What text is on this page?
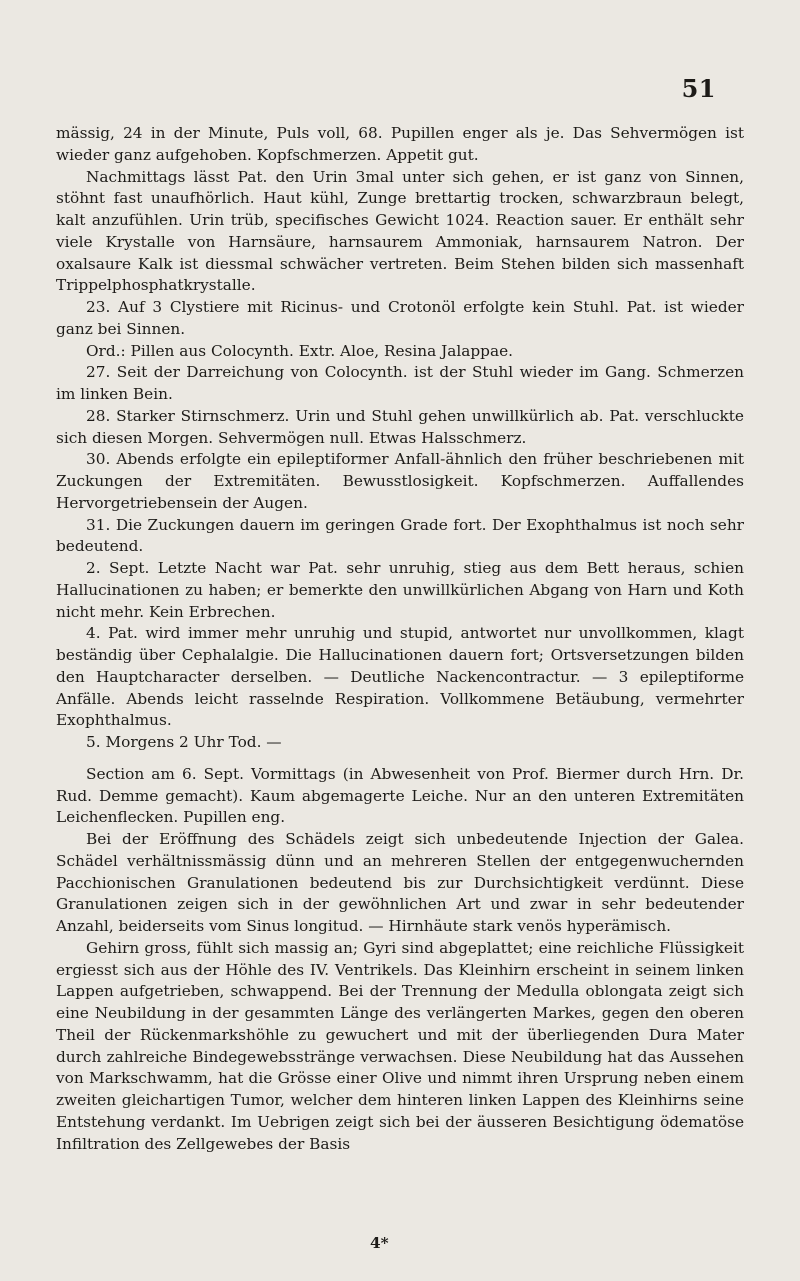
51

mässig, 24 in der Minute, Puls voll, 68. Pupillen enger als je. Das Sehvermögen ist wieder ganz aufgehoben. Kopfschmerzen. Appetit gut.

Nachmittags lässt Pat. den Urin 3mal unter sich gehen, er ist ganz von Sinnen, stöhnt fast unaufhörlich. Haut kühl, Zunge brettartig trocken, schwarzbraun belegt, kalt anzufühlen. Urin trüb, specifisches Gewicht 1024. Reaction sauer. Er enthält sehr viele Krystalle von Harnsäure, harnsaurem Ammoniak, harnsaurem Natron. Der oxalsaure Kalk ist diessmal schwächer vertreten. Beim Stehen bilden sich massenhaft Trippelphosphatkrystalle.

23. Auf 3 Clystiere mit Ricinus- und Crotonöl erfolgte kein Stuhl. Pat. ist wieder ganz bei Sinnen.

Ord.: Pillen aus Colocynth. Extr. Aloe, Resina Jalappae.

27. Seit der Darreichung von Colocynth. ist der Stuhl wieder im Gang. Schmerzen im linken Bein.

28. Starker Stirnschmerz. Urin und Stuhl gehen unwillkürlich ab. Pat. verschluckte sich diesen Morgen. Sehvermögen null. Etwas Halsschmerz.

30. Abends erfolgte ein epileptiformer Anfall-ähnlich den früher beschriebenen mit Zuckungen der Extremitäten. Bewusstlosigkeit. Kopfschmerzen. Auffallendes Hervorgetriebensein der Augen.

31. Die Zuckungen dauern im geringen Grade fort. Der Exophthalmus ist noch sehr bedeutend.

2. Sept. Letzte Nacht war Pat. sehr unruhig, stieg aus dem Bett heraus, schien Hallucinationen zu haben; er bemerkte den unwillkürlichen Abgang von Harn und Koth nicht mehr. Kein Erbrechen.

4. Pat. wird immer mehr unruhig und stupid, antwortet nur unvollkommen, klagt beständig über Cephalalgie. Die Hallucinationen dauern fort; Ortsversetzungen bilden den Hauptcharacter derselben. — Deutliche Nackencontractur. — 3 epileptiforme Anfälle. Abends leicht rasselnde Respiration. Vollkommene Betäubung, vermehrter Exophthalmus.

5. Morgens 2 Uhr Tod. —

Section am 6. Sept. Vormittags (in Abwesenheit von Prof. Biermer durch Hrn. Dr. Rud. Demme gemacht). Kaum abgemagerte Leiche. Nur an den unteren Extremitäten Leichenflecken. Pupillen eng.

Bei der Eröffnung des Schädels zeigt sich unbedeutende Injection der Galea. Schädel verhältnissmässig dünn und an mehreren Stellen der entgegenwuchernden Pacchionischen Granulationen bedeutend bis zur Durchsichtigkeit verdünnt. Diese Granulationen zeigen sich in der gewöhnlichen Art und zwar in sehr bedeutender Anzahl, beiderseits vom Sinus longitud. — Hirnhäute stark venös hyperämisch.

Gehirn gross, fühlt sich massig an; Gyri sind abgeplattet; eine reichliche Flüssigkeit ergiesst sich aus der Höhle des IV. Ventrikels. Das Kleinhirn erscheint in seinem linken Lappen aufgetrieben, schwappend. Bei der Trennung der Medulla oblongata zeigt sich eine Neubildung in der gesammten Länge des verlängerten Markes, gegen den oberen Theil der Rückenmarkshöhle zu gewuchert und mit der überliegenden Dura Mater durch zahlreiche Bindegewebsstränge verwachsen. Diese Neubildung hat das Aussehen von Markschwamm, hat die Grösse einer Olive und nimmt ihren Ursprung neben einem zweiten gleichartigen Tumor, welcher dem hinteren linken Lappen des Kleinhirns seine Entstehung verdankt. Im Uebrigen zeigt sich bei der äusseren Besichtigung ödematöse Infiltration des Zellgewebes der Basis

4*
